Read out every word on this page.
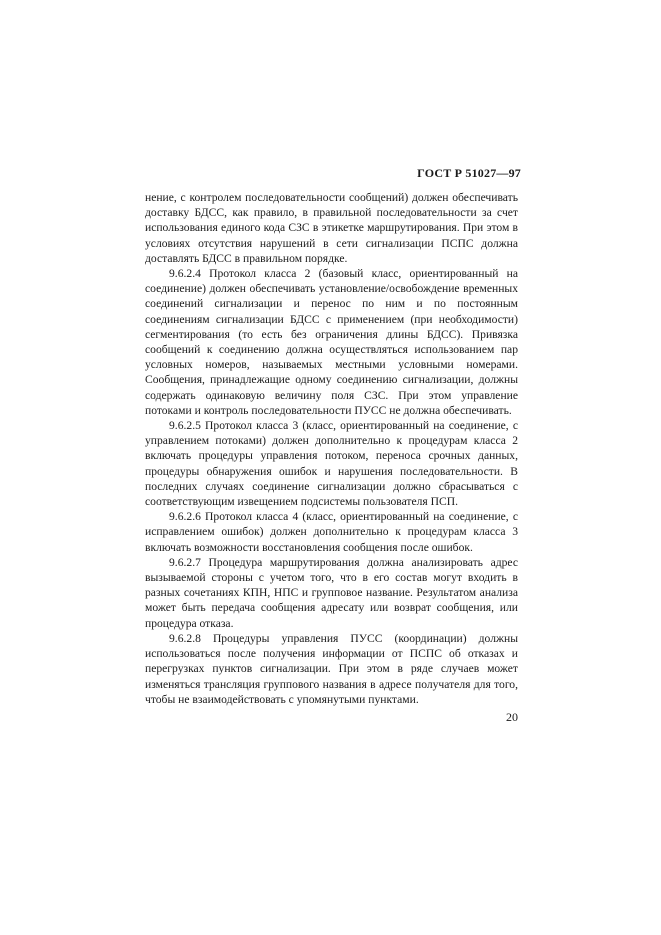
ГОСТ Р 51027—97

нение, с контролем последовательности сообщений) должен обеспечивать доставку БДСС, как правило, в правильной последовательности за счет использования единого кода СЗС в этикетке маршрутирования. При этом в условиях отсутствия нарушений в сети сигнализации ПСПС должна доставлять БДСС в правильном порядке.

9.6.2.4 Протокол класса 2 (базовый класс, ориентированный на соединение) должен обеспечивать установление/освобождение временных соединений сигнализации и перенос по ним и по постоянным соединениям сигнализации БДСС с применением (при необходимости) сегментирования (то есть без ограничения длины БДСС). Привязка сообщений к соединению должна осуществляться использованием пар условных номеров, называемых местными условными номерами. Сообщения, принадлежащие одному соединению сигнализации, должны содержать одинаковую величину поля СЗС. При этом управление потоками и контроль последовательности ПУСС не должна обеспечивать.

9.6.2.5 Протокол класса 3 (класс, ориентированный на соединение, с управлением потоками) должен дополнительно к процедурам класса 2 включать процедуры управления потоком, переноса срочных данных, процедуры обнаружения ошибок и нарушения последовательности. В последних случаях соединение сигнализации должно сбрасываться с соответствующим извещением подсистемы пользователя ПСП.

9.6.2.6 Протокол класса 4 (класс, ориентированный на соединение, с исправлением ошибок) должен дополнительно к процедурам класса 3 включать возможности восстановления сообщения после ошибок.

9.6.2.7 Процедура маршрутирования должна анализировать адрес вызываемой стороны с учетом того, что в его состав могут входить в разных сочетаниях КПН, НПС и групповое название. Результатом анализа может быть передача сообщения адресату или возврат сообщения, или процедура отказа.

9.6.2.8 Процедуры управления ПУСС (координации) должны использоваться после получения информации от ПСПС об отказах и перегрузках пунктов сигнализации. При этом в ряде случаев может изменяться трансляция группового названия в адресе получателя для того, чтобы не взаимодействовать с упомянутыми пунктами.

20
